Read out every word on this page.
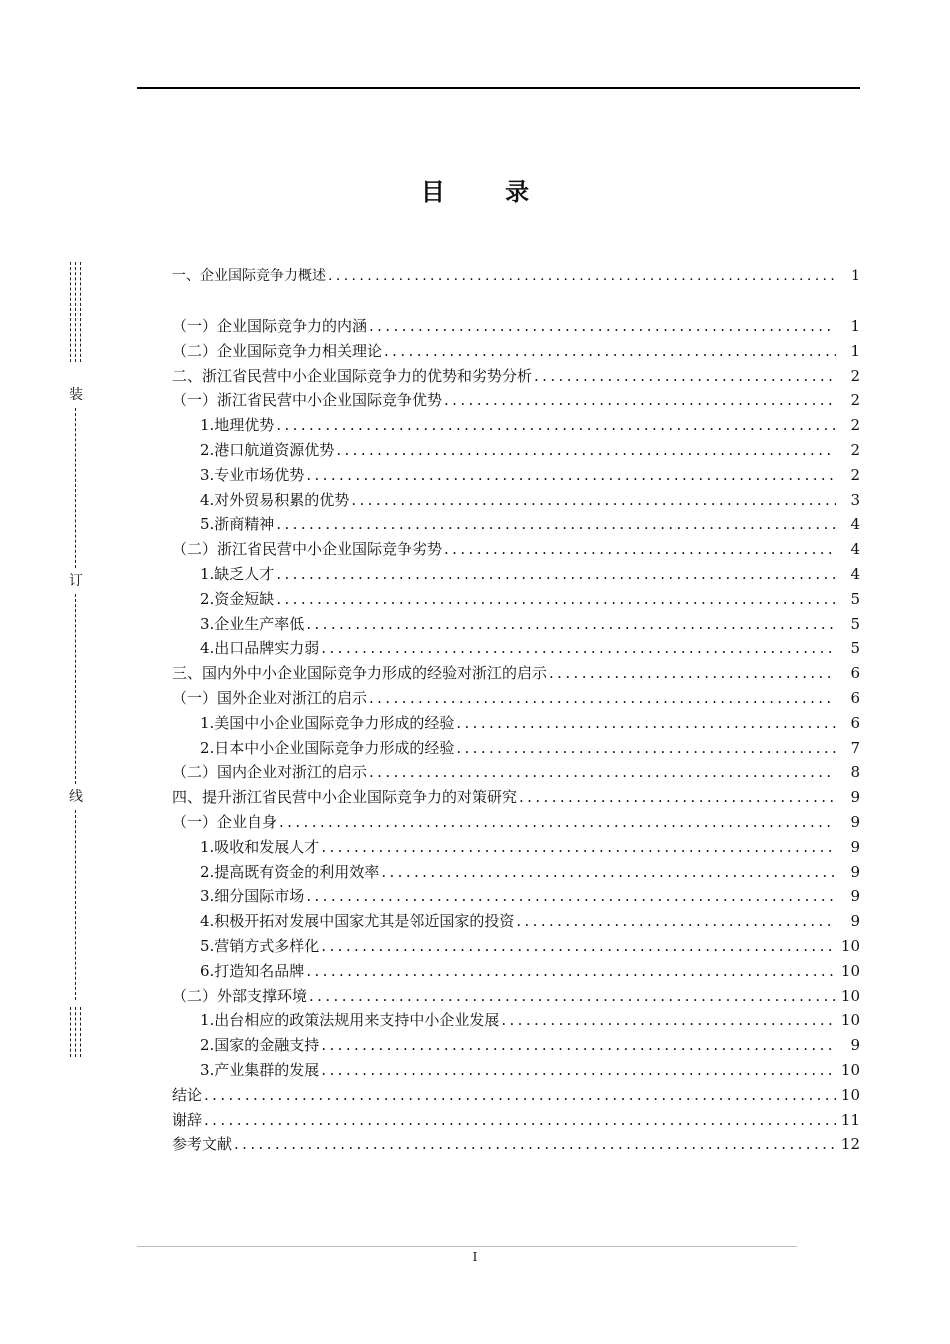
目 录
装
订
线
一、企业国际竞争力概述 .....	1
（一）企业国际竞争力的内涵 .....	1
（二）企业国际竞争力相关理论 .....	1
二、浙江省民营中小企业国际竞争力的优势和劣势分析 .....	2
（一）浙江省民营中小企业国际竞争优势 .....	2
1.地理优势 .....	2
2.港口航道资源优势 .....	2
3.专业市场优势 .....	2
4.对外贸易积累的优势 .....	3
5.浙商精神 .....	4
（二）浙江省民营中小企业国际竞争劣势 .....	4
1.缺乏人才 .....	4
2.资金短缺 .....	5
3.企业生产率低 .....	5
4.出口品牌实力弱 .....	5
三、国内外中小企业国际竞争力形成的经验对浙江的启示 .....	6
（一）国外企业对浙江的启示 .....	6
1.美国中小企业国际竞争力形成的经验 .....	6
2.日本中小企业国际竞争力形成的经验 .....	7
（二）国内企业对浙江的启示 .....	8
四、提升浙江省民营中小企业国际竞争力的对策研究 .....	9
（一）企业自身 .....	9
1.吸收和发展人才 .....	9
2.提高既有资金的利用效率 .....	9
3.细分国际市场 .....	9
4.积极开拓对发展中国家尤其是邻近国家的投资 .....	9
5.营销方式多样化 .....	10
6.打造知名品牌 .....	10
（二）外部支撑环境 .....	10
1.出台相应的政策法规用来支持中小企业发展 .....	10
2.国家的金融支持 .....	9
3.产业集群的发展 .....	10
结论 .....	10
谢辞 .....	11
参考文献 .....	12
I
